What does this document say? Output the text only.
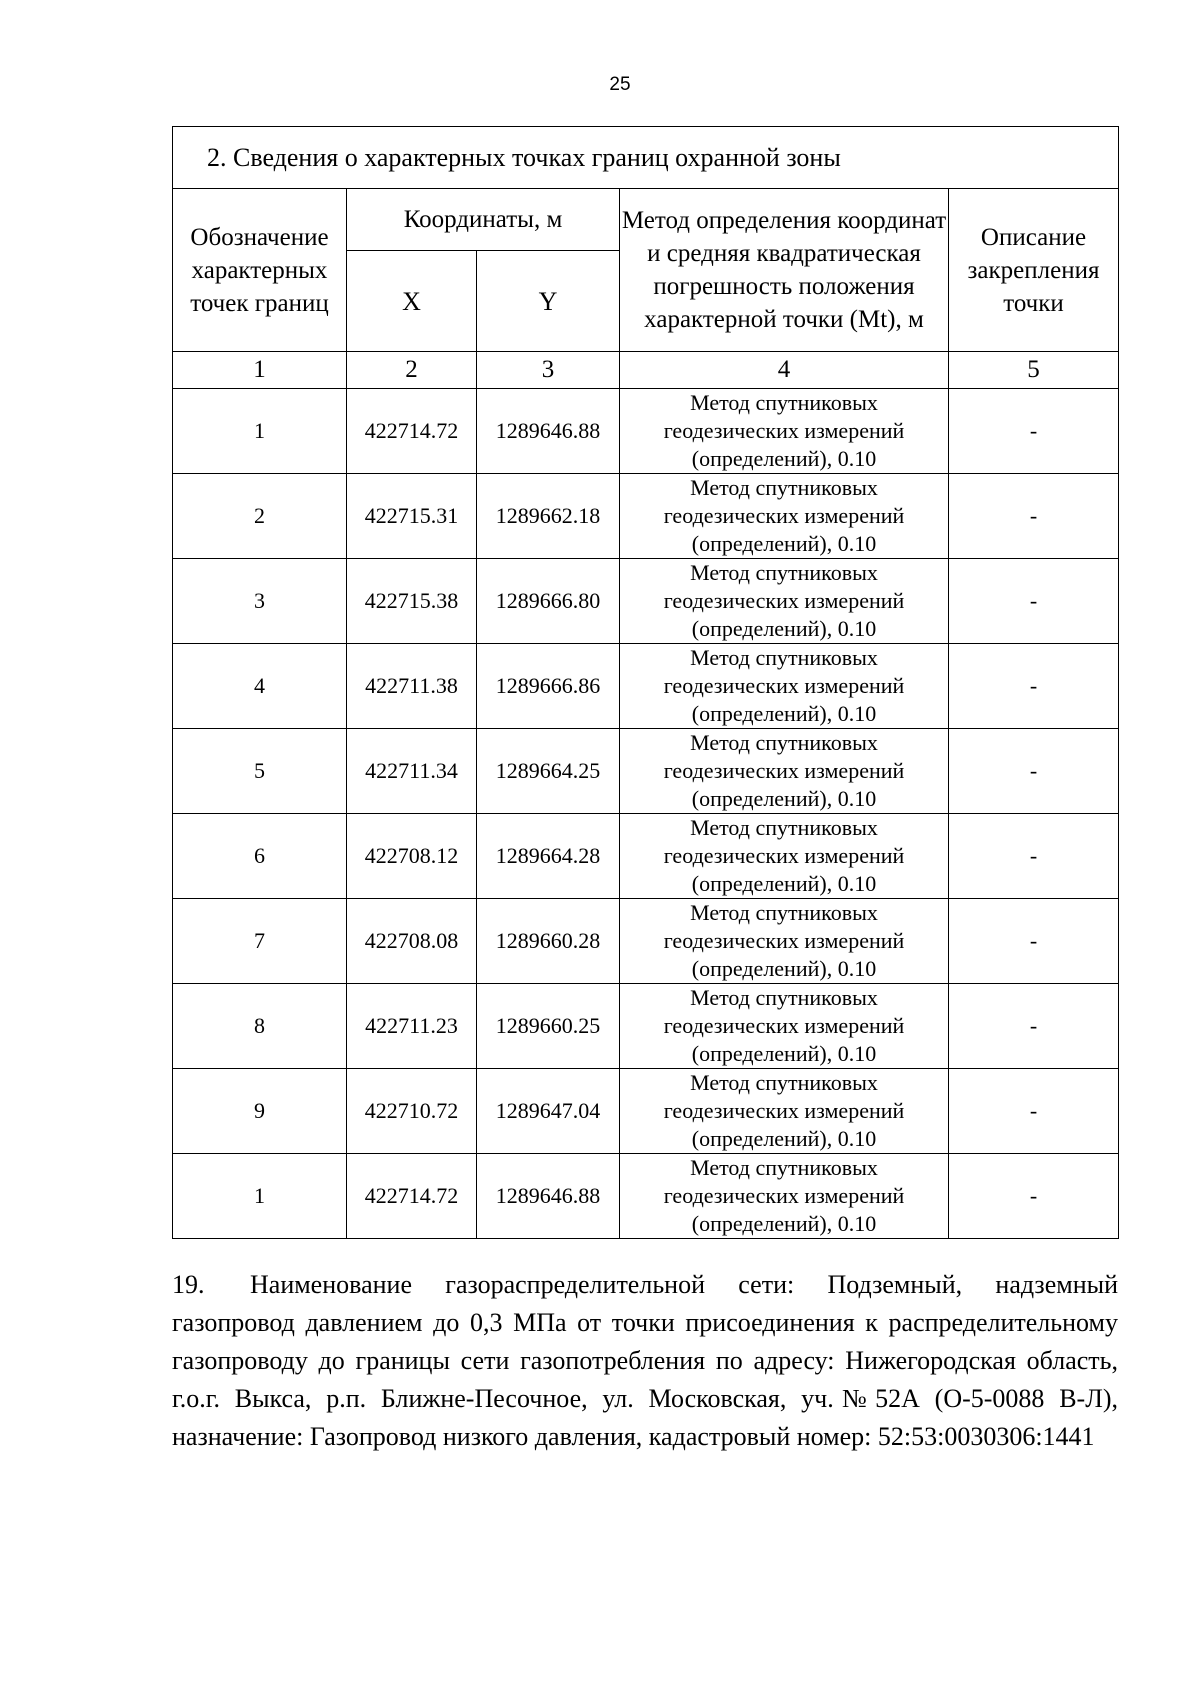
25
2. Сведения о характерных точках границ охранной зоны				
Обозначение характерных точек границ	Координаты, м		Метод определения координат и средняя квадратическая погрешность положения характерной точки (Mt), м	Описание закрепления точки
	X	Y		
1	2	3	4	5
1	422714.72	1289646.88	Метод спутниковых геодезических измерений (определений), 0.10	-
2	422715.31	1289662.18	Метод спутниковых геодезических измерений (определений), 0.10	-
3	422715.38	1289666.80	Метод спутниковых геодезических измерений (определений), 0.10	-
4	422711.38	1289666.86	Метод спутниковых геодезических измерений (определений), 0.10	-
5	422711.34	1289664.25	Метод спутниковых геодезических измерений (определений), 0.10	-
6	422708.12	1289664.28	Метод спутниковых геодезических измерений (определений), 0.10	-
7	422708.08	1289660.28	Метод спутниковых геодезических измерений (определений), 0.10	-
8	422711.23	1289660.25	Метод спутниковых геодезических измерений (определений), 0.10	-
9	422710.72	1289647.04	Метод спутниковых геодезических измерений (определений), 0.10	-
1	422714.72	1289646.88	Метод спутниковых геодезических измерений (определений), 0.10	-

19. Наименование газораспределительной сети: Подземный, надземный газопровод давлением до 0,3 МПа от точки присоединения к распределительному газопроводу до границы сети газопотребления по адресу: Нижегородская область, г.о.г. Выкса, р.п. Ближне-Песочное, ул. Московская, уч.№52А (О-5-0088 В-Л), назначение: Газопровод низкого давления, кадастровый номер: 52:53:0030306:1441
